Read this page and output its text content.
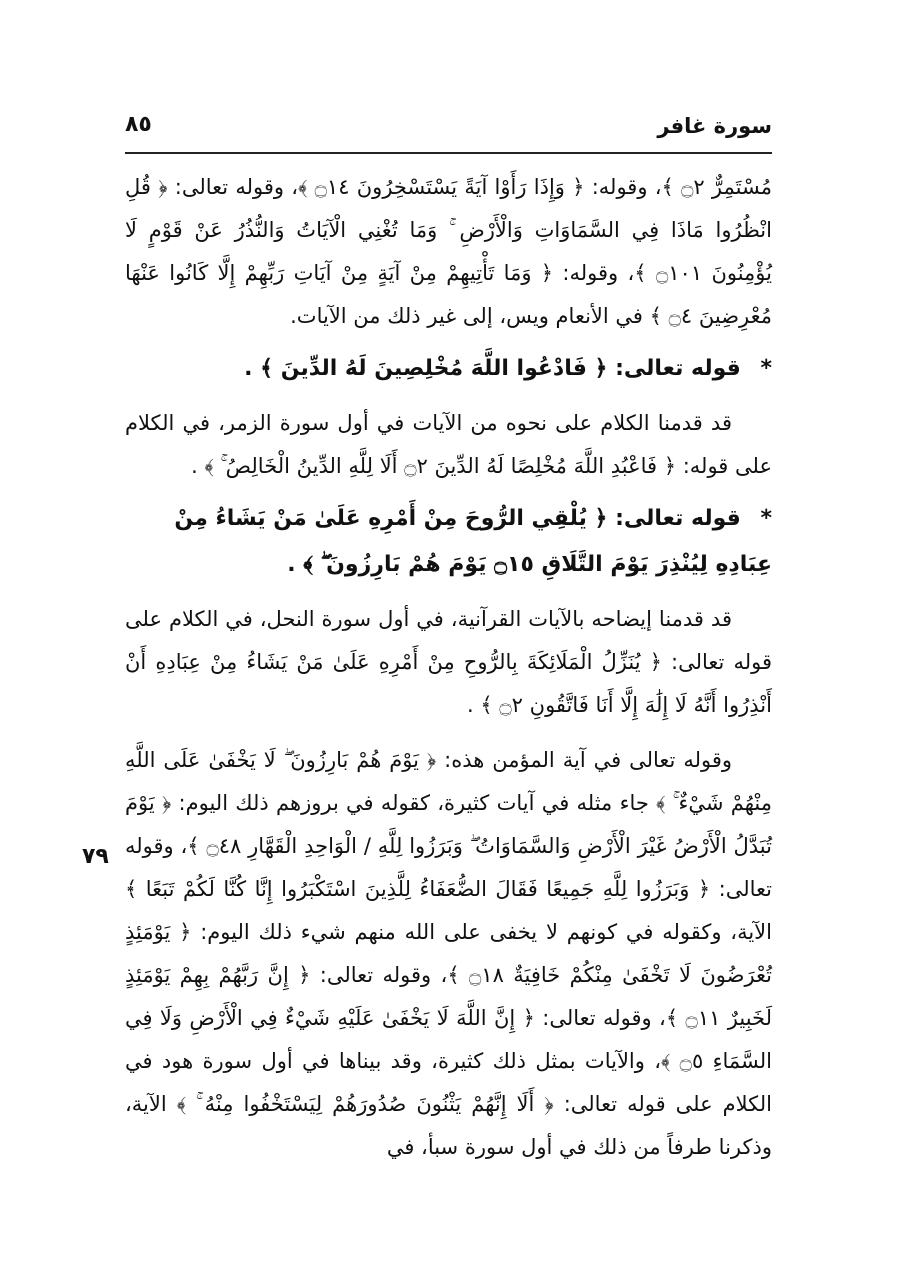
سورة غافر
٨٥
٧٩

مُسْتَمِرٌّ ۝٢ ﴾، وقوله: ﴿ وَإِذَا رَأَوْا آيَةً يَسْتَسْخِرُونَ ۝١٤ ﴾، وقوله تعالى: ﴿ قُلِ انْظُرُوا مَاذَا فِي السَّمَاوَاتِ وَالْأَرْضِ ۚ وَمَا تُغْنِي الْآيَاتُ وَالنُّذُرُ عَنْ قَوْمٍ لَا يُؤْمِنُونَ ۝١٠١ ﴾، وقوله: ﴿ وَمَا تَأْتِيهِمْ مِنْ آيَةٍ مِنْ آيَاتِ رَبِّهِمْ إِلَّا كَانُوا عَنْهَا مُعْرِضِينَ ۝٤ ﴾ في الأنعام ويس، إلى غير ذلك من الآيات.

* قوله تعالى: ﴿ فَادْعُوا اللَّهَ مُخْلِصِينَ لَهُ الدِّينَ ﴾ .

قد قدمنا الكلام على نحوه من الآيات في أول سورة الزمر، في الكلام على قوله: ﴿ فَاعْبُدِ اللَّهَ مُخْلِصًا لَهُ الدِّينَ ۝٢ أَلَا لِلَّهِ الدِّينُ الْخَالِصُ ۚ ﴾ .

* قوله تعالى: ﴿ يُلْقِي الرُّوحَ مِنْ أَمْرِهِ عَلَىٰ مَنْ يَشَاءُ مِنْ عِبَادِهِ لِيُنْذِرَ يَوْمَ التَّلَاقِ ۝١٥ يَوْمَ هُمْ بَارِزُونَ ۖ ﴾ .

قد قدمنا إيضاحه بالآيات القرآنية، في أول سورة النحل، في الكلام على قوله تعالى: ﴿ يُنَزِّلُ الْمَلَائِكَةَ بِالرُّوحِ مِنْ أَمْرِهِ عَلَىٰ مَنْ يَشَاءُ مِنْ عِبَادِهِ أَنْ أَنْذِرُوا أَنَّهُ لَا إِلَٰهَ إِلَّا أَنَا فَاتَّقُونِ ۝٢ ﴾ .

وقوله تعالى في آية المؤمن هذه: ﴿ يَوْمَ هُمْ بَارِزُونَ ۖ لَا يَخْفَىٰ عَلَى اللَّهِ مِنْهُمْ شَيْءٌ ۚ ﴾ جاء مثله في آيات كثيرة، كقوله في بروزهم ذلك اليوم: ﴿ يَوْمَ تُبَدَّلُ الْأَرْضُ غَيْرَ الْأَرْضِ وَالسَّمَاوَاتُ ۖ وَبَرَزُوا لِلَّهِ / الْوَاحِدِ الْقَهَّارِ ۝٤٨ ﴾، وقوله تعالى: ﴿ وَبَرَزُوا لِلَّهِ جَمِيعًا فَقَالَ الضُّعَفَاءُ لِلَّذِينَ اسْتَكْبَرُوا إِنَّا كُنَّا لَكُمْ تَبَعًا ﴾ الآية، وكقوله في كونهم لا يخفى على الله منهم شيء ذلك اليوم: ﴿ يَوْمَئِذٍ تُعْرَضُونَ لَا تَخْفَىٰ مِنْكُمْ خَافِيَةٌ ۝١٨ ﴾، وقوله تعالى: ﴿ إِنَّ رَبَّهُمْ بِهِمْ يَوْمَئِذٍ لَخَبِيرٌ ۝١١ ﴾، وقوله تعالى: ﴿ إِنَّ اللَّهَ لَا يَخْفَىٰ عَلَيْهِ شَيْءٌ فِي الْأَرْضِ وَلَا فِي السَّمَاءِ ۝٥ ﴾، والآيات بمثل ذلك كثيرة، وقد بيناها في أول سورة هود في الكلام على قوله تعالى: ﴿ أَلَا إِنَّهُمْ يَثْنُونَ صُدُورَهُمْ لِيَسْتَخْفُوا مِنْهُ ۚ ﴾ الآية، وذكرنا طرفاً من ذلك في أول سورة سبأ، في
